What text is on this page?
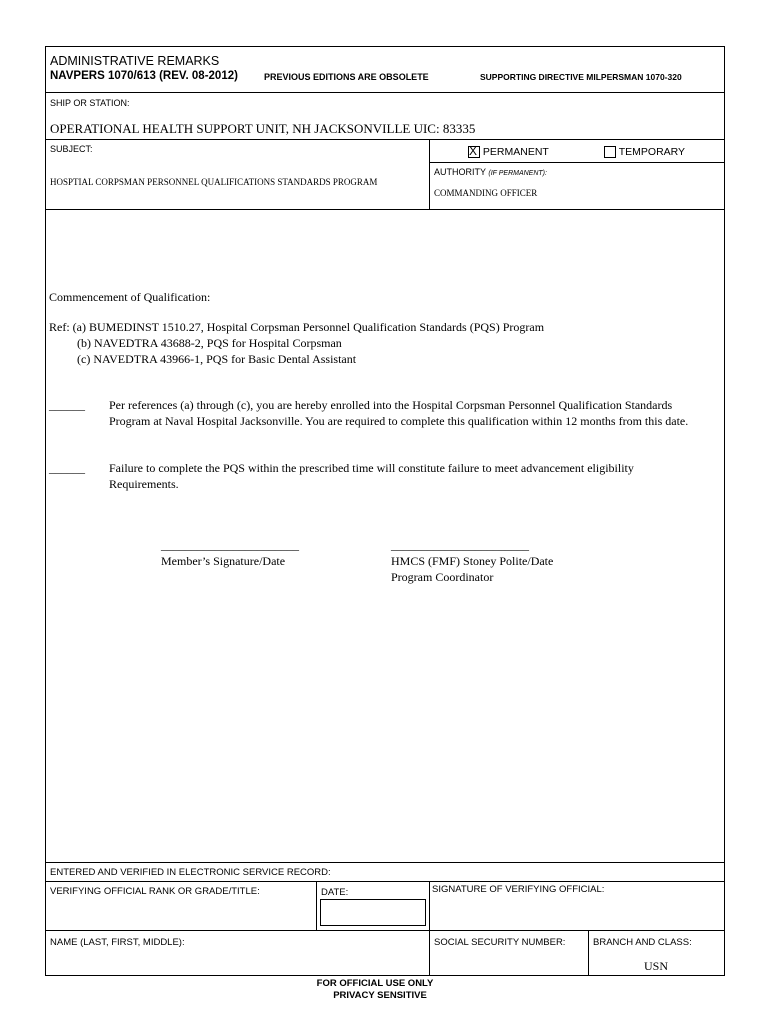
ADMINISTRATIVE REMARKS
NAVPERS 1070/613 (REV. 08-2012)	PREVIOUS EDITIONS ARE OBSOLETE	SUPPORTING DIRECTIVE MILPERSMAN 1070-320
SHIP OR STATION:
OPERATIONAL HEALTH SUPPORT UNIT, NH JACKSONVILLE UIC: 83335
SUBJECT:
HOSPTIAL CORPSMAN PERSONNEL QUALIFICATIONS STANDARDS PROGRAM
X PERMANENT	TEMPORARY
AUTHORITY (IF PERMANENT):
COMMANDING OFFICER
Commencement of Qualification:
Ref: (a) BUMEDINST 1510.27, Hospital Corpsman Personnel Qualification Standards (PQS) Program
(b) NAVEDTRA 43688-2, PQS for Hospital Corpsman
(c) NAVEDTRA 43966-1, PQS for Basic Dental Assistant
______ Per references (a) through (c), you are hereby enrolled into the Hospital Corpsman Personnel Qualification Standards
Program at Naval Hospital Jacksonville. You are required to complete this qualification within 12 months from this date.
______ Failure to complete the PQS within the prescribed time will constitute failure to meet advancement eligibility
Requirements.
_______________________
Member’s Signature/Date
_______________________
HMCS (FMF) Stoney Polite/Date
Program Coordinator
ENTERED AND VERIFIED IN ELECTRONIC SERVICE RECORD:
VERIFYING OFFICIAL RANK OR GRADE/TITLE:	DATE:	SIGNATURE OF VERIFYING OFFICIAL:
NAME (LAST, FIRST, MIDDLE):	SOCIAL SECURITY NUMBER:	BRANCH AND CLASS:
USN
FOR OFFICIAL USE ONLY
PRIVACY SENSITIVE
